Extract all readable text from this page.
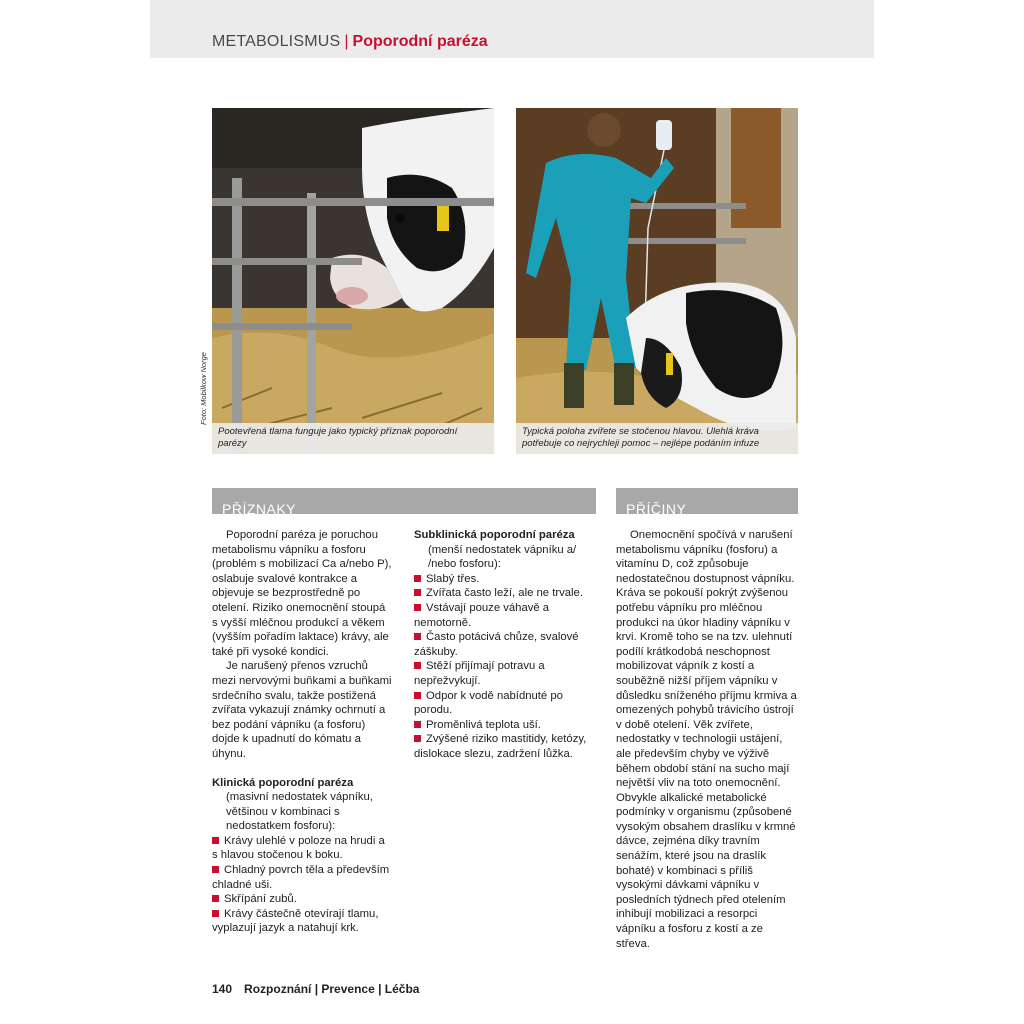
METABOLISMUS | Poporodní paréza
Pootevřená tlama funguje jako typický příznak poporodní parézy
Foto: Mobilkow Norge
Typická poloha zvířete se stočenou hlavou. Ulehlá kráva potřebuje co nejrychleji pomoc – nejlépe podáním infuze
PŘÍZNAKY	PŘÍČINY

Poporodní paréza je poruchou metabolismu vápníku a fosforu (problém s mobilizací Ca a/nebo P), oslabuje svalové kontrakce a objevuje se bezprostředně po otelení. Riziko onemocnění stoupá s vyšší mléčnou produkcí a věkem (vyšším pořadím laktace) krávy, ale také při vysoké kondici.

Je narušený přenos vzruchů mezi nervovými buňkami a buňkami srdečního svalu, takže postižená zvířata vykazují známky ochrnutí a bez podání vápníku (a fosforu) dojde k upadnutí do kómatu a úhynu.

Klinická poporodní paréza

(masivní nedostatek vápníku, většinou v kombinaci s nedostatkem fosforu):

Krávy ulehlé v poloze na hrudi a s hlavou stočenou k boku.
Chladný povrch těla a především chladné uši.
Skřípání zubů.
Krávy částečně otevírají tlamu, vyplazují jazyk a natahují krk.

Subklinická poporodní paréza

(menší nedostatek vápníku a/ /nebo fosforu):

Slabý třes.
Zvířata často leží, ale ne trvale.
Vstávají pouze váhavě a nemotorně.
Často potácivá chůze, svalové záškuby.
Stěží přijímají potravu a nepřežvykují.
Odpor k vodě nabídnuté po porodu.
Proměnlivá teplota uší.
Zvýšené riziko mastitidy, ketózy, dislokace slezu, zadržení lůžka.

Onemocnění spočívá v narušení metabolismu vápníku (fosforu) a vitamínu D, což způsobuje nedostatečnou dostupnost vápníku. Kráva se pokouší pokrýt zvýšenou potřebu vápníku pro mléčnou produkci na úkor hladiny vápníku v krvi. Kromě toho se na tzv. ulehnutí podílí krátkodobá neschopnost mobilizovat vápník z kostí a souběžně nižší příjem vápníku v důsledku sníženého příjmu krmiva a omezených pohybů trávicího ústrojí v době otelení. Věk zvířete, nedostatky v technologii ustájení, ale především chyby ve výživě během období stání na sucho mají největší vliv na toto onemocnění. Obvykle alkalické metabolické podmínky v organismu (způsobené vysokým obsahem draslíku v krmné dávce, zejména díky travním senážím, které jsou na draslík bohaté) v kombinaci s příliš vysokými dávkami vápníku v posledních týdnech před otelením inhibují mobilizaci a resorpci vápníku a fosforu z kostí a ze střeva.

140 Rozpoznání | Prevence | Léčba
